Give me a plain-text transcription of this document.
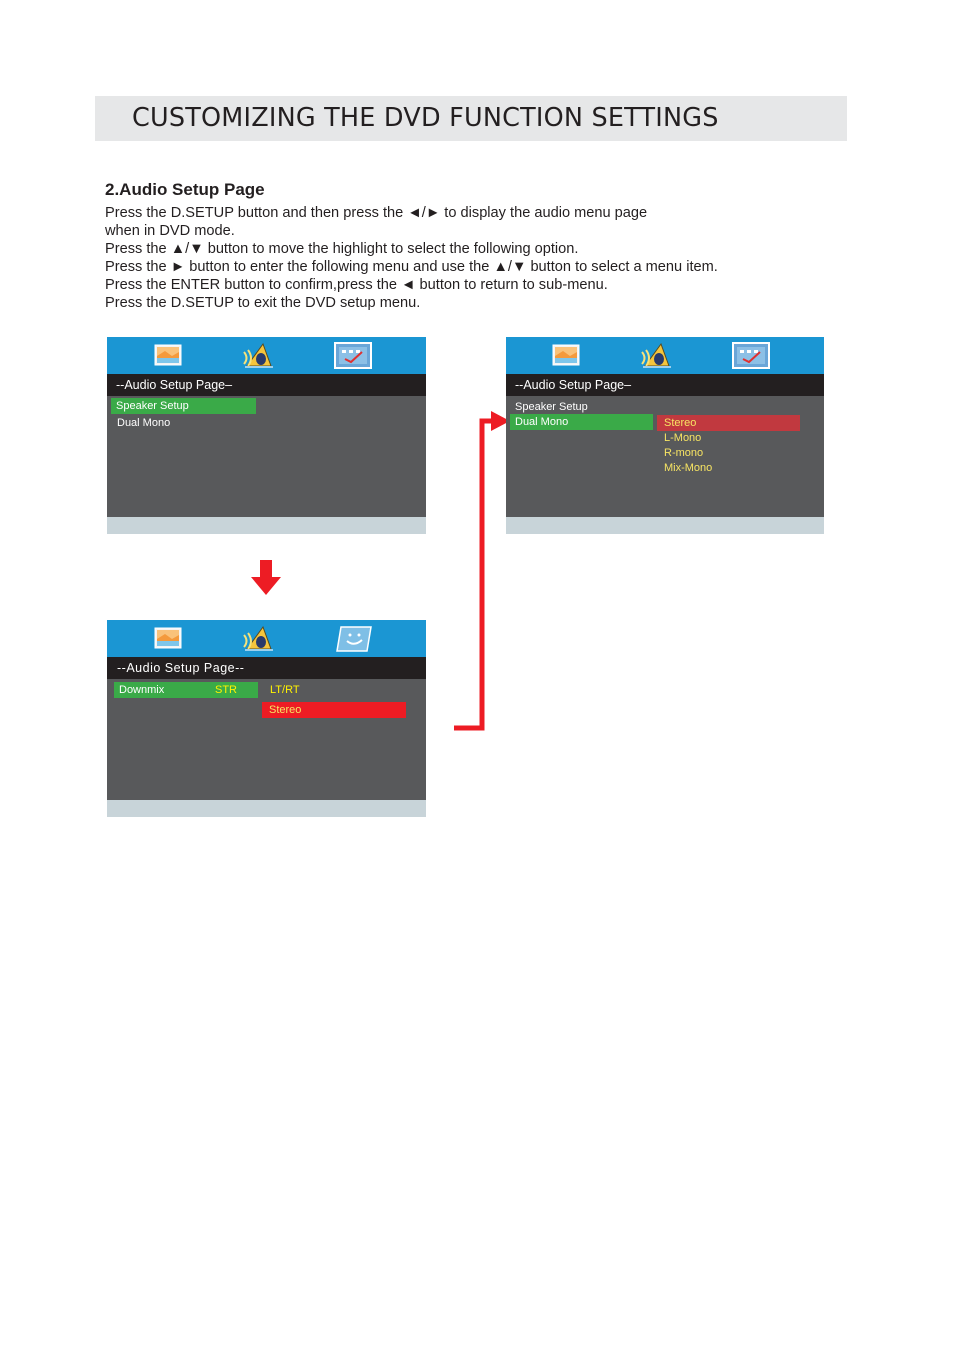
CUSTOMIZING THE DVD FUNCTION SETTINGS
2.Audio Setup Page
Press the D.SETUP button and then press the ◄/► to display the audio menu page
when in DVD mode.
Press the ▲/▼ button to move the highlight to select the following option.
Press the ► button to enter the following menu and use the ▲/▼ button to select a menu item.
Press the ENTER button to confirm,press the ◄ button to return to sub-menu.
Press the D.SETUP to exit the DVD setup menu.
--Audio Setup Page–
Speaker Setup
Dual Mono
--Audio Setup Page--
Downmix	STR	LT/RT
Stereo
--Audio Setup Page–
Speaker Setup
Dual Mono	Stereo
L-Mono
R-mono
Mix-Mono
